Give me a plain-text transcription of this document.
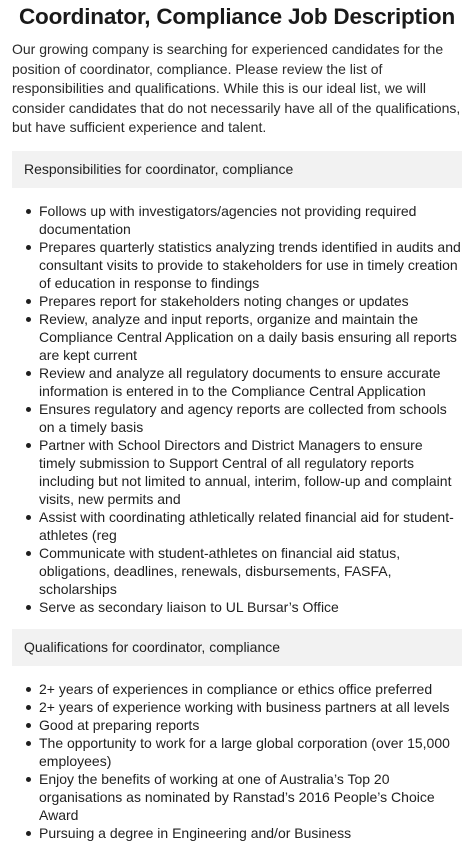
Coordinator, Compliance Job Description

Our growing company is searching for experienced candidates for the position of coordinator, compliance. Please review the list of responsibilities and qualifications. While this is our ideal list, we will consider candidates that do not necessarily have all of the qualifications, but have sufficient experience and talent.

Responsibilities for coordinator, compliance
Follows up with investigators/agencies not providing required documentation
Prepares quarterly statistics analyzing trends identified in audits and consultant visits to provide to stakeholders for use in timely creation of education in response to findings
Prepares report for stakeholders noting changes or updates
Review, analyze and input reports, organize and maintain the Compliance Central Application on a daily basis ensuring all reports are kept current
Review and analyze all regulatory documents to ensure accurate information is entered in to the Compliance Central Application
Ensures regulatory and agency reports are collected from schools on a timely basis
Partner with School Directors and District Managers to ensure timely submission to Support Central of all regulatory reports including but not limited to annual, interim, follow-up and complaint visits, new permits and
Assist with coordinating athletically related financial aid for student-athletes (reg
Communicate with student-athletes on financial aid status, obligations, deadlines, renewals, disbursements, FASFA, scholarships
Serve as secondary liaison to UL Bursar’s Office
Qualifications for coordinator, compliance
2+ years of experiences in compliance or ethics office preferred
2+ years of experience working with business partners at all levels
Good at preparing reports
The opportunity to work for a large global corporation (over 15,000 employees)
Enjoy the benefits of working at one of Australia’s Top 20 organisations as nominated by Ranstad’s 2016 People’s Choice Award
Pursuing a degree in Engineering and/or Business
